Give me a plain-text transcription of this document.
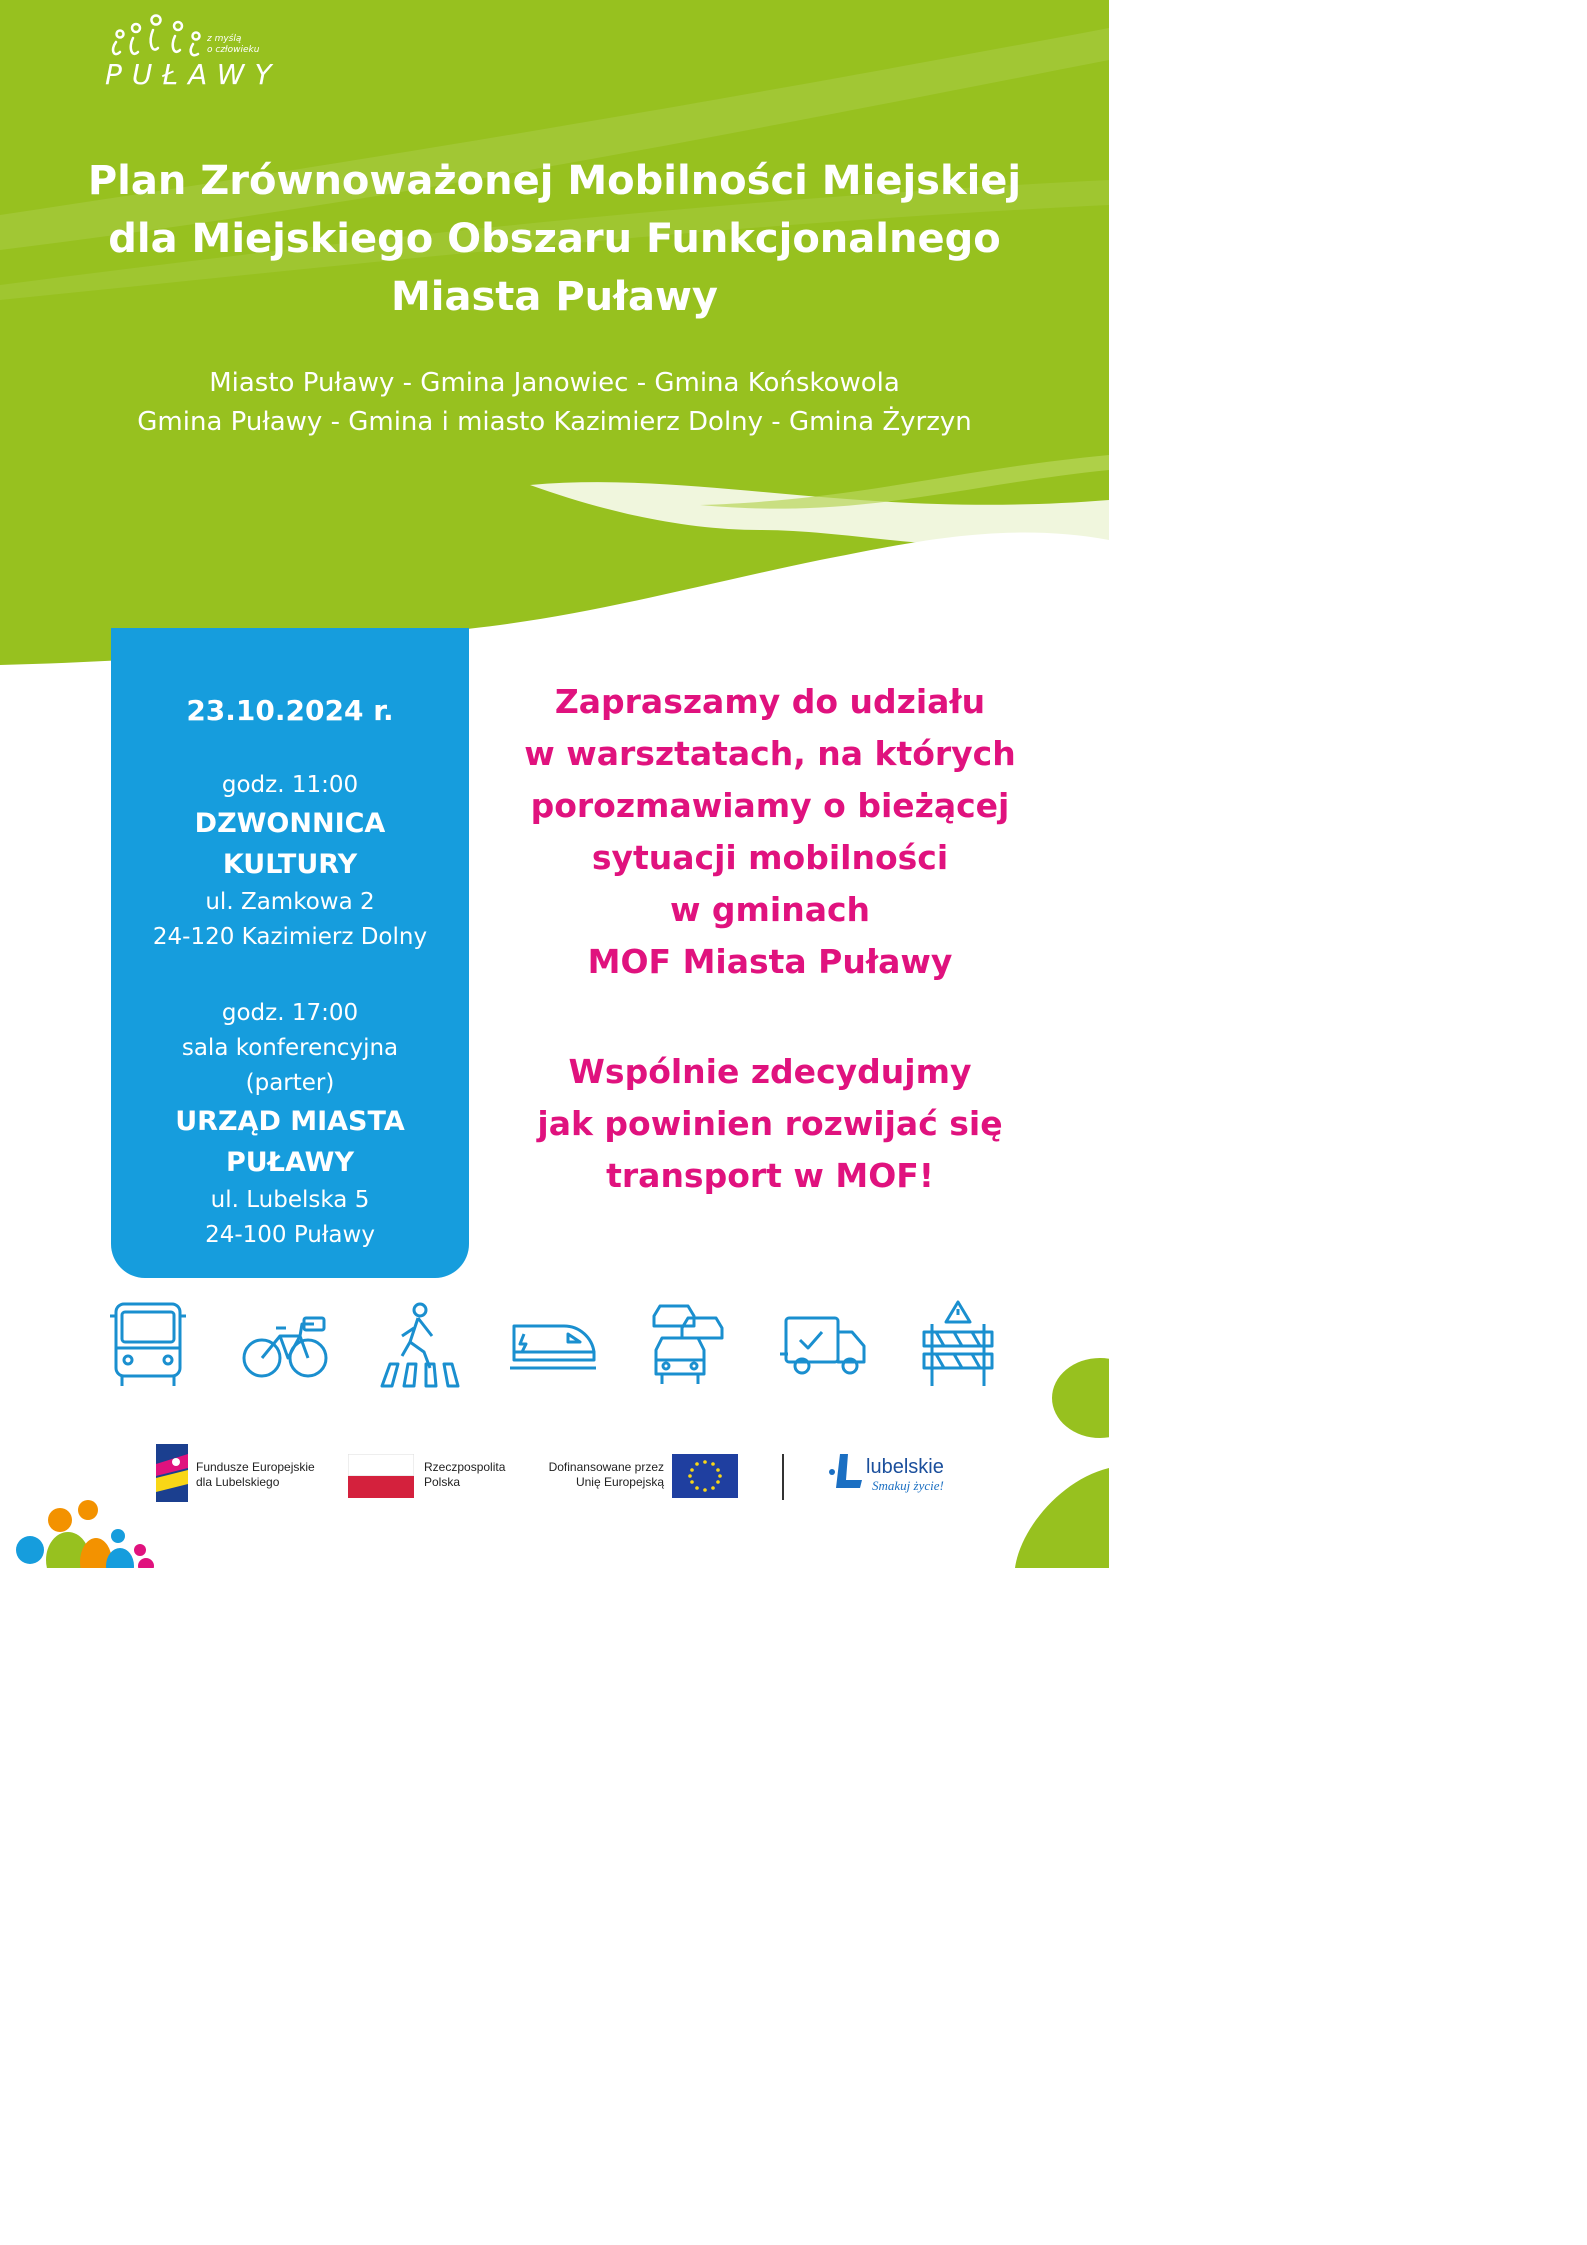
PUŁAWY
z myślą
o człowieku
Plan Zrównoważonej Mobilności Miejskiej
dla Miejskiego Obszaru Funkcjonalnego
Miasta Puławy
Miasto Puławy - Gmina Janowiec - Gmina Końskowola
Gmina Puławy - Gmina i miasto Kazimierz Dolny - Gmina Żyrzyn
23.10.2024 r.
godz. 11:00
DZWONNICA
KULTURY
ul. Zamkowa 2
24-120 Kazimierz Dolny
godz. 17:00
sala konferencyjna
(parter)
URZĄD MIASTA
PUŁAWY
ul. Lubelska 5
24-100 Puławy
Zapraszamy do udziału
w warsztatach, na których
porozmawiamy o bieżącej
sytuacji mobilności
w gminach
MOF Miasta Puławy
Wspólnie zdecydujmy
jak powinien rozwijać się
transport w MOF!
Fundusze Europejskie
dla Lubelskiego
Rzeczpospolita
Polska
Dofinansowane przez
Unię Europejską
lubelskie
Smakuj życie!
